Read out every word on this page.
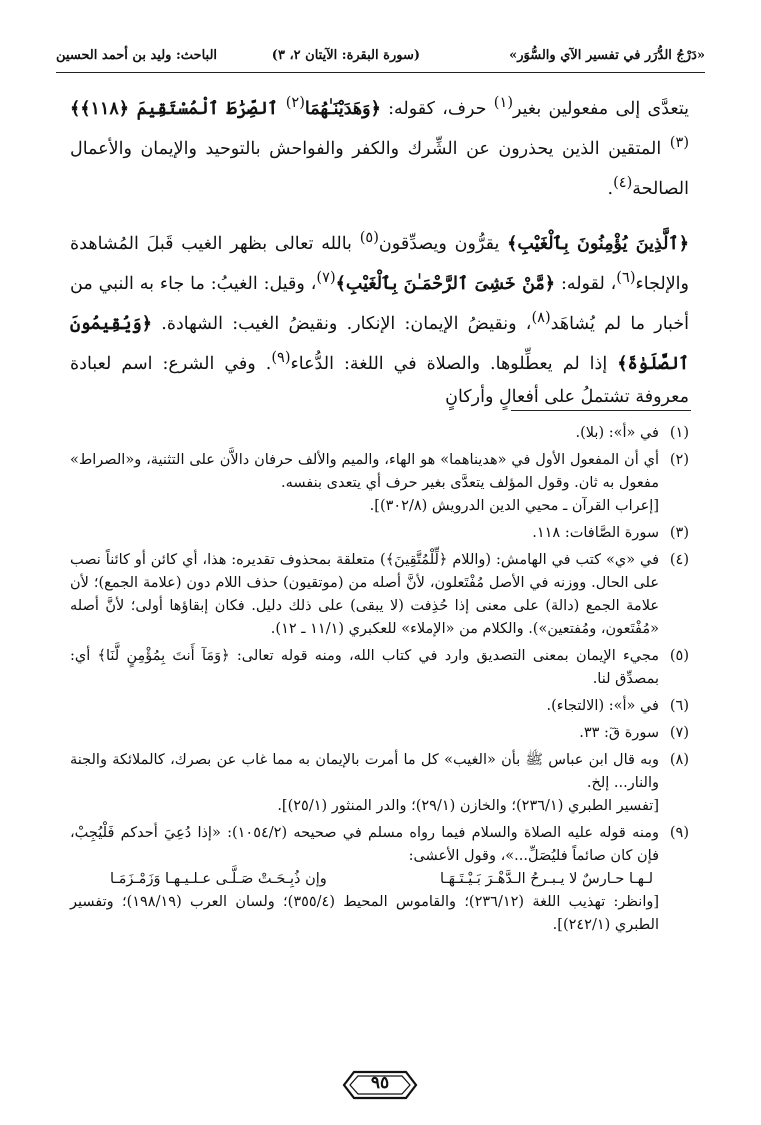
«دَرْجُ الدُّرَر في تفسير الآي والسُّوَر»
(سورة البقرة: الآيتان ٢، ٣)
الباحث: وليد بن أحمد الحسين

يتعدَّى إلى مفعولين بغير$^{(١)}$ حرف، كقوله: ﴿وَهَدَيْنَـٰهُمَا$^{(٢)}$ ٱلصِّرَٰطَ ٱلْمُسْتَقِيمَ ﴿١١٨﴾﴾$^{(٣)}$ المتقين الذين يحذرون عن الشِّرك والكفر والفواحش بالتوحيد والإيمان والأعمال الصالحة$^{(٤)}$.

﴿ٱلَّذِينَ يُؤْمِنُونَ بِٱلْغَيْبِ﴾ يقرُّون ويصدِّقون$^{(٥)}$ بالله تعالى بظهر الغيب قَبلَ المُشاهدة والإلجاء$^{(٦)}$، لقوله: ﴿مَّنْ خَشِىَ ٱلرَّحْمَـٰنَ بِٱلْغَيْبِ﴾$^{(٧)}$، وقيل: الغيبُ: ما جاء به النبي من أخبار ما لم يُشاهَد$^{(٨)}$، ونقيضُ الإيمان: الإنكار. ونقيضُ الغيب: الشهادة. ﴿وَيُقِيمُونَ ٱلصَّلَوٰةَ﴾ إذا لم يعطِّلوها. والصلاة في اللغة: الدُّعاء$^{(٩)}$. وفي الشرع: اسم لعبادة معروفة تشتملُ على أفعالٍ وأركانٍ

(١)
في «أ»: (بلا).
(٢)
أي أن المفعول الأول في «هديناهما» هو الهاء، والميم والألف حرفان دالاَّن على التثنية، و«الصراط» مفعول به ثان. وقول المؤلف يتعدَّى بغير حرف أي يتعدى بنفسه.
[إعراب القرآن ـ محيي الدين الدرويش (٣٠٢/٨)].
(٣)
سورة الصَّافات: ١١٨.
(٤)
في «ي» كتب في الهامش: (واللام ﴿لِّلْمُتَّقِينَ﴾) متعلقة بمحذوف تقديره: هذا، أي كائن أو كائناً نصب على الحال. ووزنه في الأصل مُفْتَعلون، لأنَّ أصله من (موتقيون) حذف اللام دون (علامة الجمع)؛ لأن علامة الجمع (دالة) على معنى إذا حُذِفت (لا يبقى) على ذلك دليل. فكان إبقاؤها أولى؛ لأنَّ أصله «مُفْتَعون، ومُفتعين»). والكلام من «الإملاء» للعكبري (١١/١ ـ ١٢).
(٥)
مجيء الإيمان بمعنى التصديق وارد في كتاب الله، ومنه قوله تعالى: ﴿وَمَآ أَنتَ بِمُؤْمِنٍ لَّنَا﴾ أي: بمصدِّق لنا.
(٦)
في «أ»: (الالتجاء).
(٧)
سورة قٓ: ٣٣.
(٨)
وبه قال ابن عباس ﷺ بأن «الغيب» كل ما أمرت بالإيمان به مما غاب عن بصرك، كالملائكة والجنة والنار... إلخ.
[تفسير الطبري (٢٣٦/١)؛ والخازن (٢٩/١)؛ والدر المنثور (٢٥/١)].
(٩)
ومنه قوله عليه الصلاة والسلام فيما رواه مسلم في صحيحه (١٠٥٤/٢): «إذا دُعِيَ أحدكم فَلْيُجِبْ، فإن كان صائماً فليُصَلِّ...»، وقول الأعشى:
لـهـا حـارسٌ لا يـبـرحُ الـدَّهْـرَ بَـيْـتَـهَـا
وإن ذُبِـحَـتْ صَـلَّـى عـلـيـهـا وَزَمْـزَمَـا
[وانظر: تهذيب اللغة (٢٣٦/١٢)؛ والقاموس المحيط (٣٥٥/٤)؛ ولسان العرب (١٩٨/١٩)؛ وتفسير الطبري (٢٤٢/١)].
٩٥
